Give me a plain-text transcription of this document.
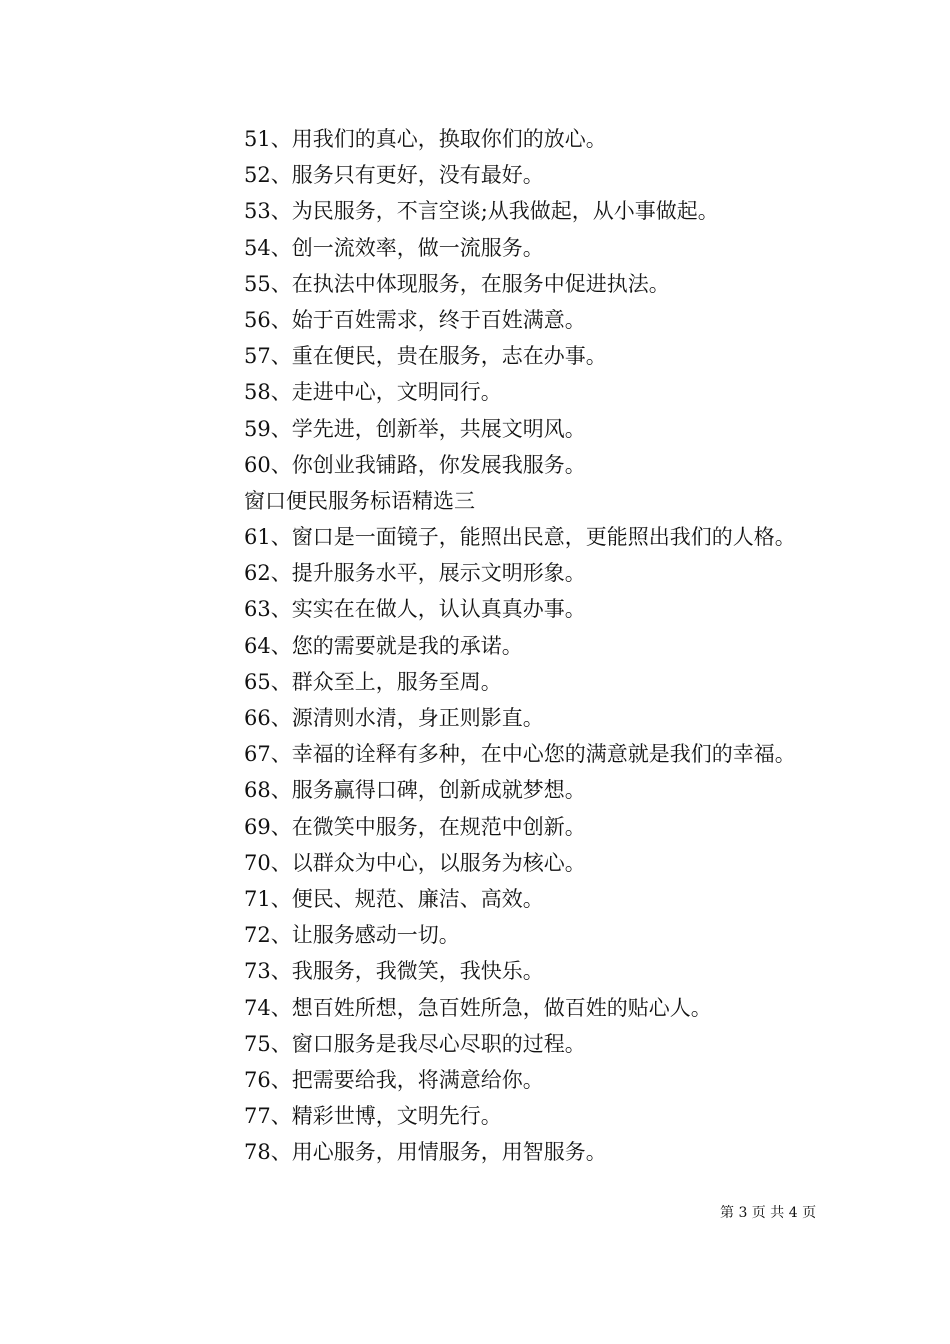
51、用我们的真心，换取你们的放心。
52、服务只有更好，没有最好。
53、为民服务，不言空谈;从我做起，从小事做起。
54、创一流效率，做一流服务。
55、在执法中体现服务，在服务中促进执法。
56、始于百姓需求，终于百姓满意。
57、重在便民，贵在服务，志在办事。
58、走进中心，文明同行。
59、学先进，创新举，共展文明风。
60、你创业我铺路，你发展我服务。
窗口便民服务标语精选三
61、窗口是一面镜子，能照出民意，更能照出我们的人格。
62、提升服务水平，展示文明形象。
63、实实在在做人，认认真真办事。
64、您的需要就是我的承诺。
65、群众至上，服务至周。
66、源清则水清，身正则影直。
67、幸福的诠释有多种，在中心您的满意就是我们的幸福。
68、服务赢得口碑，创新成就梦想。
69、在微笑中服务，在规范中创新。
70、以群众为中心，以服务为核心。
71、便民、规范、廉洁、高效。
72、让服务感动一切。
73、我服务，我微笑，我快乐。
74、想百姓所想，急百姓所急，做百姓的贴心人。
75、窗口服务是我尽心尽职的过程。
76、把需要给我，将满意给你。
77、精彩世博，文明先行。
78、用心服务，用情服务，用智服务。
第 3 页 共 4 页
